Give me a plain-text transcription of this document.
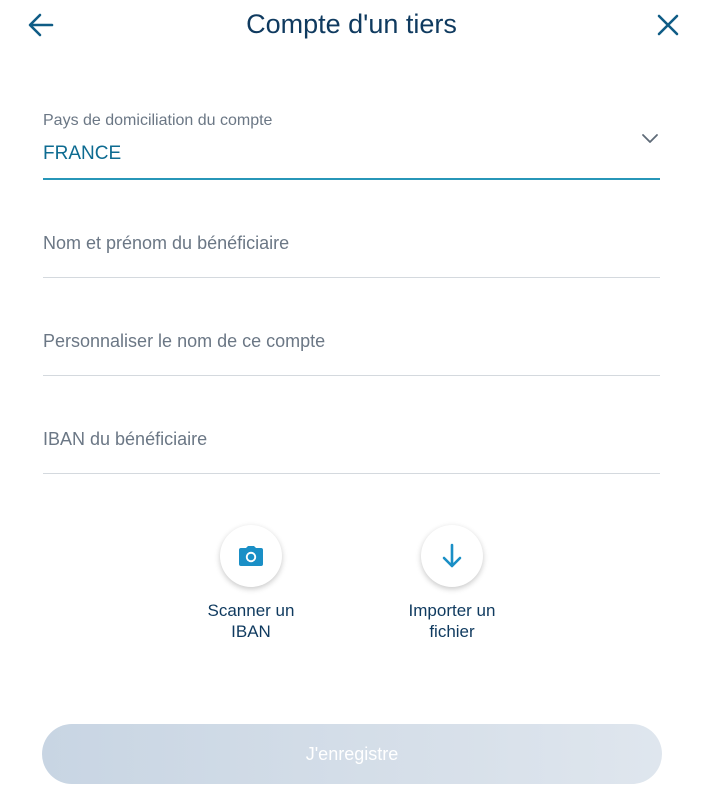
Compte d'un tiers
Pays de domiciliation du compte
FRANCE
Nom et prénom du bénéficiaire
Personnaliser le nom de ce compte
IBAN du bénéficiaire
Scanner un
IBAN
Importer un
fichier
J'enregistre
